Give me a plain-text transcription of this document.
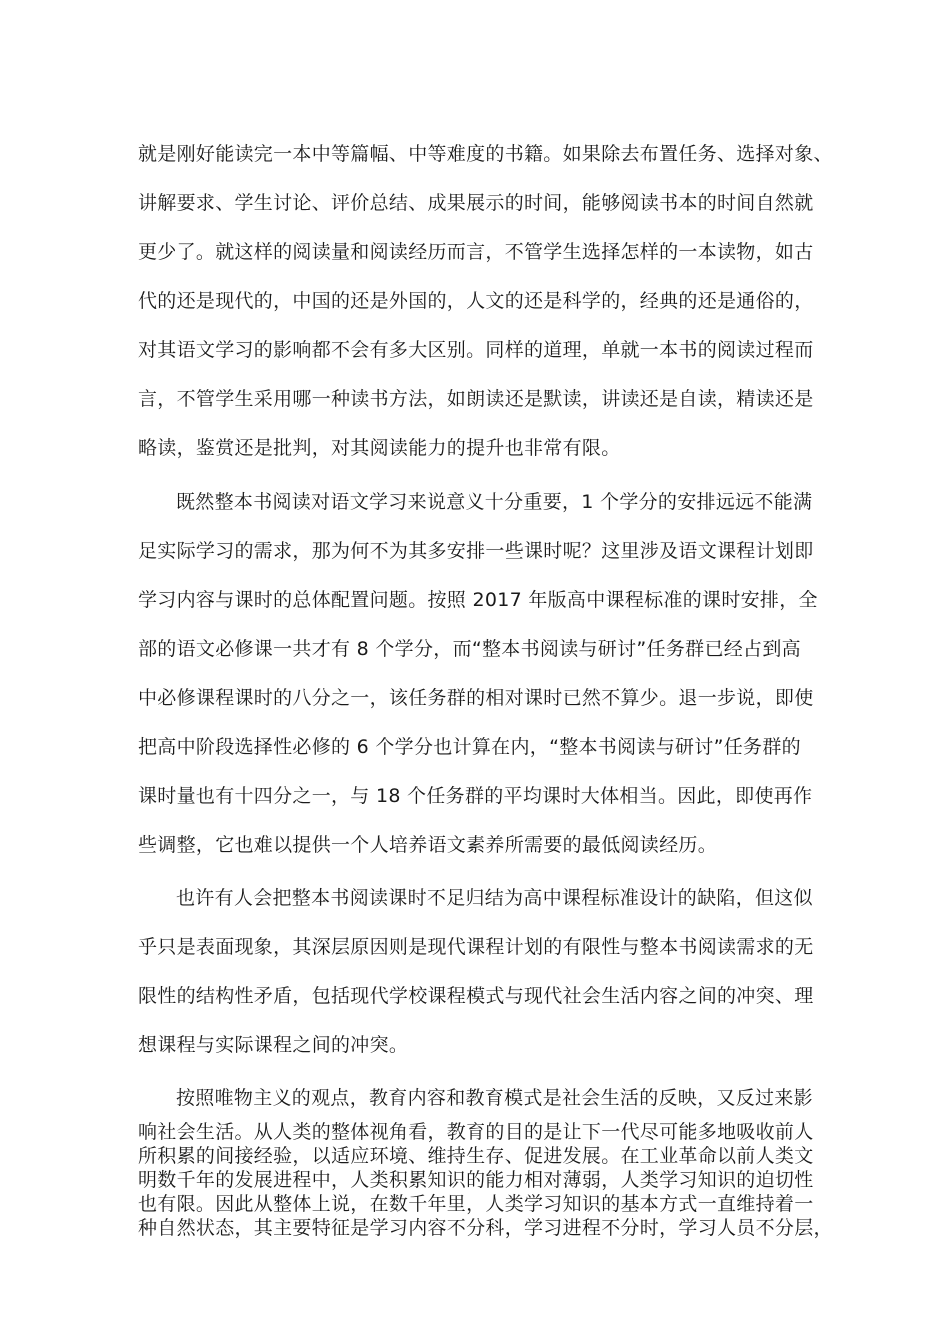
就是刚好能读完一本中等篇幅、中等难度的书籍。如果除去布置任务、选择对象、
讲解要求、学生讨论、评价总结、成果展示的时间，能够阅读书本的时间自然就
更少了。就这样的阅读量和阅读经历而言，不管学生选择怎样的一本读物，如古
代的还是现代的，中国的还是外国的，人文的还是科学的，经典的还是通俗的，
对其语文学习的影响都不会有多大区别。同样的道理，单就一本书的阅读过程而
言，不管学生采用哪一种读书方法，如朗读还是默读，讲读还是自读，精读还是
略读，鉴赏还是批判，对其阅读能力的提升也非常有限。
既然整本书阅读对语文学习来说意义十分重要，1 个学分的安排远远不能满
足实际学习的需求，那为何不为其多安排一些课时呢？这里涉及语文课程计划即
学习内容与课时的总体配置问题。按照 2017 年版高中课程标准的课时安排，全
部的语文必修课一共才有 8 个学分，而“整本书阅读与研讨”任务群已经占到高
中必修课程课时的八分之一，该任务群的相对课时已然不算少。退一步说，即使
把高中阶段选择性必修的 6 个学分也计算在内，“整本书阅读与研讨”任务群的
课时量也有十四分之一，与 18 个任务群的平均课时大体相当。因此，即使再作
些调整，它也难以提供一个人培养语文素养所需要的最低阅读经历。
也许有人会把整本书阅读课时不足归结为高中课程标准设计的缺陷，但这似
乎只是表面现象，其深层原因则是现代课程计划的有限性与整本书阅读需求的无
限性的结构性矛盾，包括现代学校课程模式与现代社会生活内容之间的冲突、理
想课程与实际课程之间的冲突。
按照唯物主义的观点，教育内容和教育模式是社会生活的反映，又反过来影
响社会生活。从人类的整体视角看，教育的目的是让下一代尽可能多地吸收前人
所积累的间接经验，以适应环境、维持生存、促进发展。在工业革命以前人类文
明数千年的发展进程中，人类积累知识的能力相对薄弱，人类学习知识的迫切性
也有限。因此从整体上说，在数千年里，人类学习知识的基本方式一直维持着一
种自然状态，其主要特征是学习内容不分科，学习进程不分时，学习人员不分层，
